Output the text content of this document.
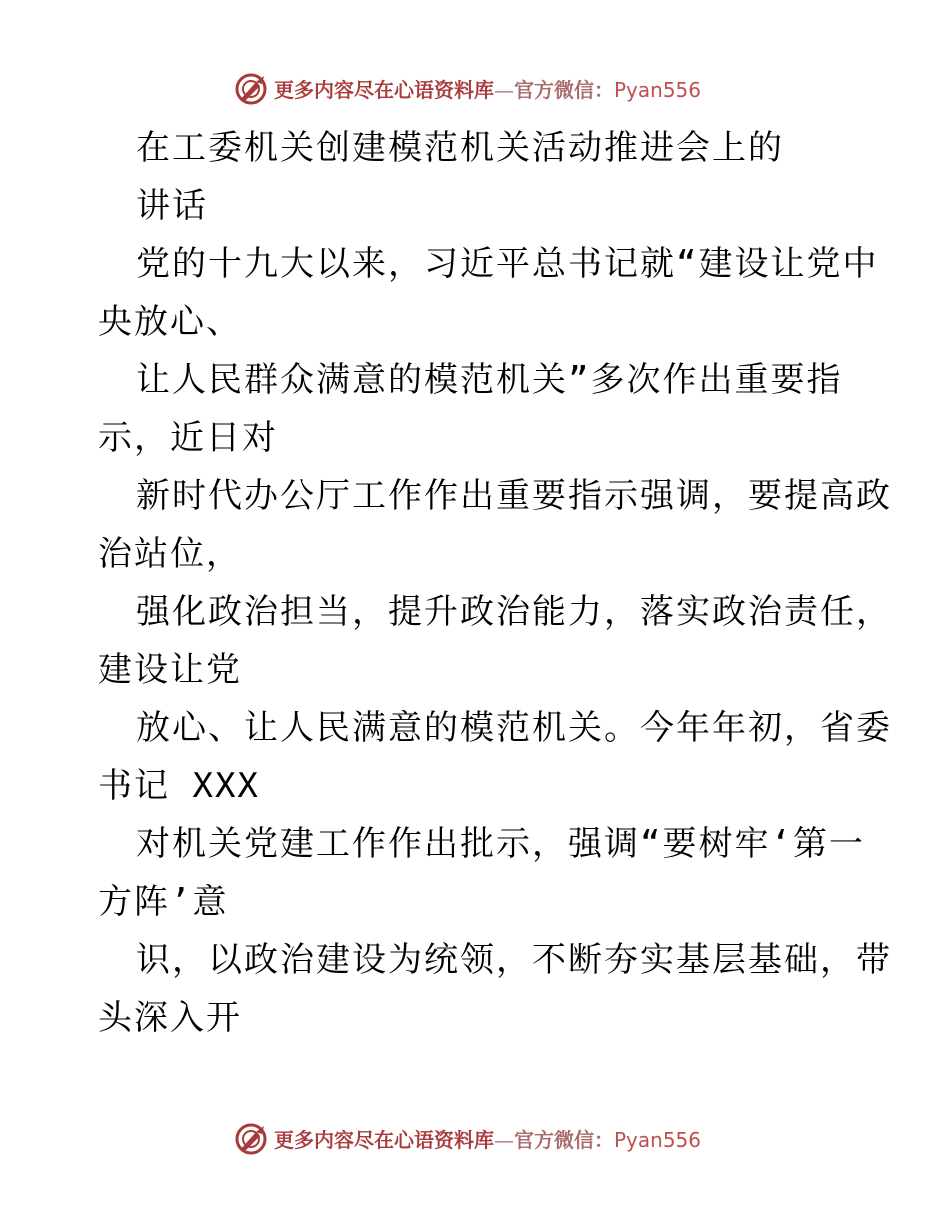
更多内容尽在心语资料库—官方微信：Pyan556
在工委机关创建模范机关活动推进会上的
讲话
党的十九大以来，习近平总书记就“建设让党中
央放心、
让人民群众满意的模范机关”多次作出重要指
示，近日对
新时代办公厅工作作出重要指示强调，要提高政
治站位，
强化政治担当，提升政治能力，落实政治责任，
建设让党
放心、让人民满意的模范机关。今年年初，省委
书记 XXX
对机关党建工作作出批示，强调“要树牢‘第一
方阵’意
识，以政治建设为统领，不断夯实基层基础，带
头深入开
更多内容尽在心语资料库—官方微信：Pyan556
